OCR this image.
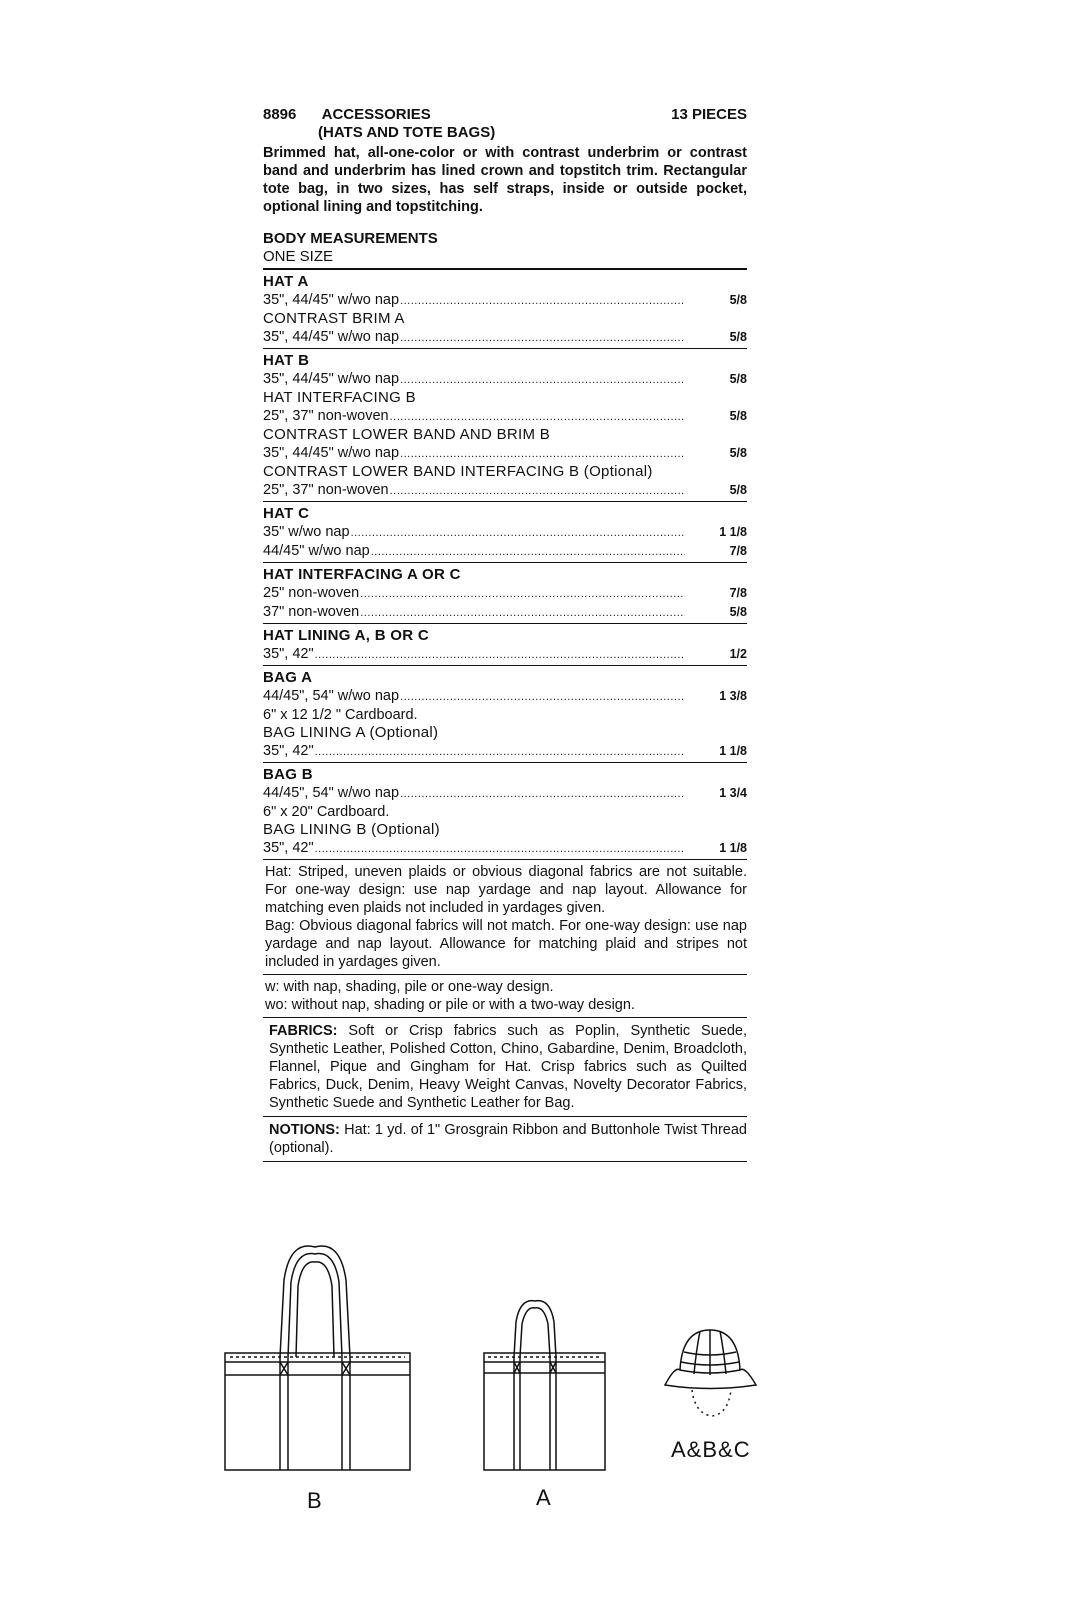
8896 ACCESSORIES	13 PIECES
(HATS AND TOTE BAGS)
Brimmed hat, all-one-color or with contrast underbrim or contrast band and underbrim has lined crown and topstitch trim. Rectangular tote bag, in two sizes, has self straps, inside or outside pocket, optional lining and topstitching.
BODY MEASUREMENTS
ONE SIZE
HAT A
35", 44/45" w/wo nap .....	5/8
CONTRAST BRIM A
35", 44/45" w/wo nap .....	5/8
HAT B
35", 44/45" w/wo nap .....	5/8
HAT INTERFACING B
25", 37" non-woven .....	5/8
CONTRAST LOWER BAND AND BRIM B
35", 44/45" w/wo nap .....	5/8
CONTRAST LOWER BAND INTERFACING B (Optional)
25", 37" non-woven .....	5/8
HAT C
35" w/wo nap .....	1 1/8
44/45" w/wo nap .....	7/8
HAT INTERFACING A OR C
25" non-woven .....	7/8
37" non-woven .....	5/8
HAT LINING A, B OR C
35", 42" .....	1/2
BAG A
44/45", 54" w/wo nap .....	1 3/8
6" x 12 1/2 " Cardboard.
BAG LINING A (Optional)
35", 42" .....	1 1/8
BAG B
44/45", 54" w/wo nap .....	1 3/4
6" x 20" Cardboard.
BAG LINING B (Optional)
35", 42" .....	1 1/8

Hat: Striped, uneven plaids or obvious diagonal fabrics are not suitable. For one-way design: use nap yardage and nap layout. Allowance for matching even plaids not included in yardages given.

Bag: Obvious diagonal fabrics will not match. For one-way design: use nap yardage and nap layout. Allowance for matching plaid and stripes not included in yardages given.

w: with nap, shading, pile or one-way design.

wo: without nap, shading or pile or with a two-way design.

FABRICS: Soft or Crisp fabrics such as Poplin, Synthetic Suede, Synthetic Leather, Polished Cotton, Chino, Gabardine, Denim, Broadcloth, Flannel, Pique and Gingham for Hat. Crisp fabrics such as Quilted Fabrics, Duck, Denim, Heavy Weight Canvas, Novelty Decorator Fabrics, Synthetic Suede and Synthetic Leather for Bag.
NOTIONS: Hat: 1 yd. of 1" Grosgrain Ribbon and Buttonhole Twist Thread (optional).
B	A
A&B&C
